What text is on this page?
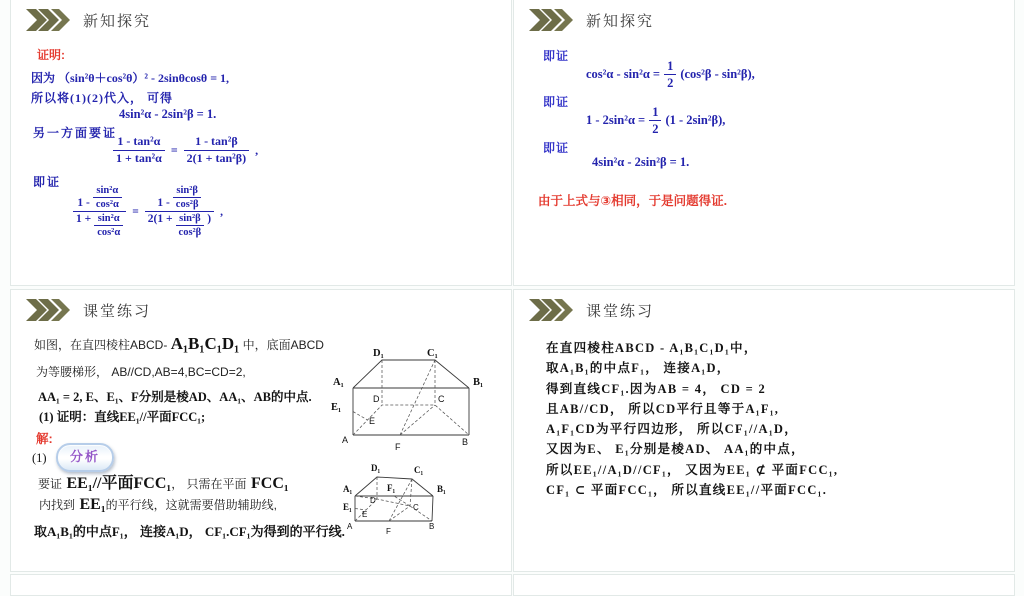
新知探究
证明:
因为 （sin²θ＋cos²θ）² - 2sinθcosθ = 1,
所以将(1)(2)代入， 可得
4sin²α - 2sin²β = 1.
另一方面要证
$\frac{\text{1 - tan²α}}{\text{1 + tan²α}} = \frac{\text{1 - tan²β}}{\text{2(1 + tan²β)}}$ ,
即证
$\frac{1 - \frac{\text{sin²α}}{\text{cos²α}}}{1 + \frac{\text{sin²α}}{\text{cos²α}}}$ =
$1 - \frac{\text{sin²β}}{\text{cos²β}}$
$2(1 + \frac{\text{sin²β}}{\text{cos²β}}$ )
,
新知探究
即证
$\cos^2\alpha - \sin^2\alpha = \frac{1}{2} (\cos^2\beta - \sin^2\beta)$,
即证
$1 - 2\sin^2\alpha = \frac{1}{2} (1 - 2\sin^2\beta)$,
即证
4sin²α - 2sin²β = 1.
由于上式与③相同，于是问题得证.
课堂练习
如图，在直四棱柱ABCD- A₁B₁C₁D₁ 中，底面ABCD
为等腰梯形， AB//CD,AB=4,BC=CD=2,
AA₁ = 2, E、E₁、F分别是棱AD、AA₁、AB的中点.
(1) 证明：直线EE₁//平面FCC₁;
解:
(1)	分析
要证 EE₁//平面FCC₁， 只需在平面 FCC₁
内找到 EE₁的平行线，这就需要借助辅助线,
取A₁B₁的中点F₁， 连接A₁D， CF₁.CF₁为得到的平行线.
D₁	C₁
A₁	B₁
E₁
D	C
E
A
F	B
D₁	C₁
A₁	B₁
F₁
E₁
D
C
E
A
F
B
课堂练习
在直四棱柱ABCD - A₁B₁C₁D₁中，
取A₁B₁的中点F₁， 连接A₁D，
得到直线CF₁.因为AB = 4， CD = 2
且AB//CD， 所以CD平行且等于A₁F₁,
A₁F₁CD为平行四边形， 所以CF₁//A₁D，
又因为E、 E₁分别是棱AD、 AA₁的中点，
所以EE₁//A₁D//CF₁， 又因为EE₁ ⊄ 平面FCC₁,
CF₁ ⊂ 平面FCC₁， 所以直线EE₁//平面FCC₁.
